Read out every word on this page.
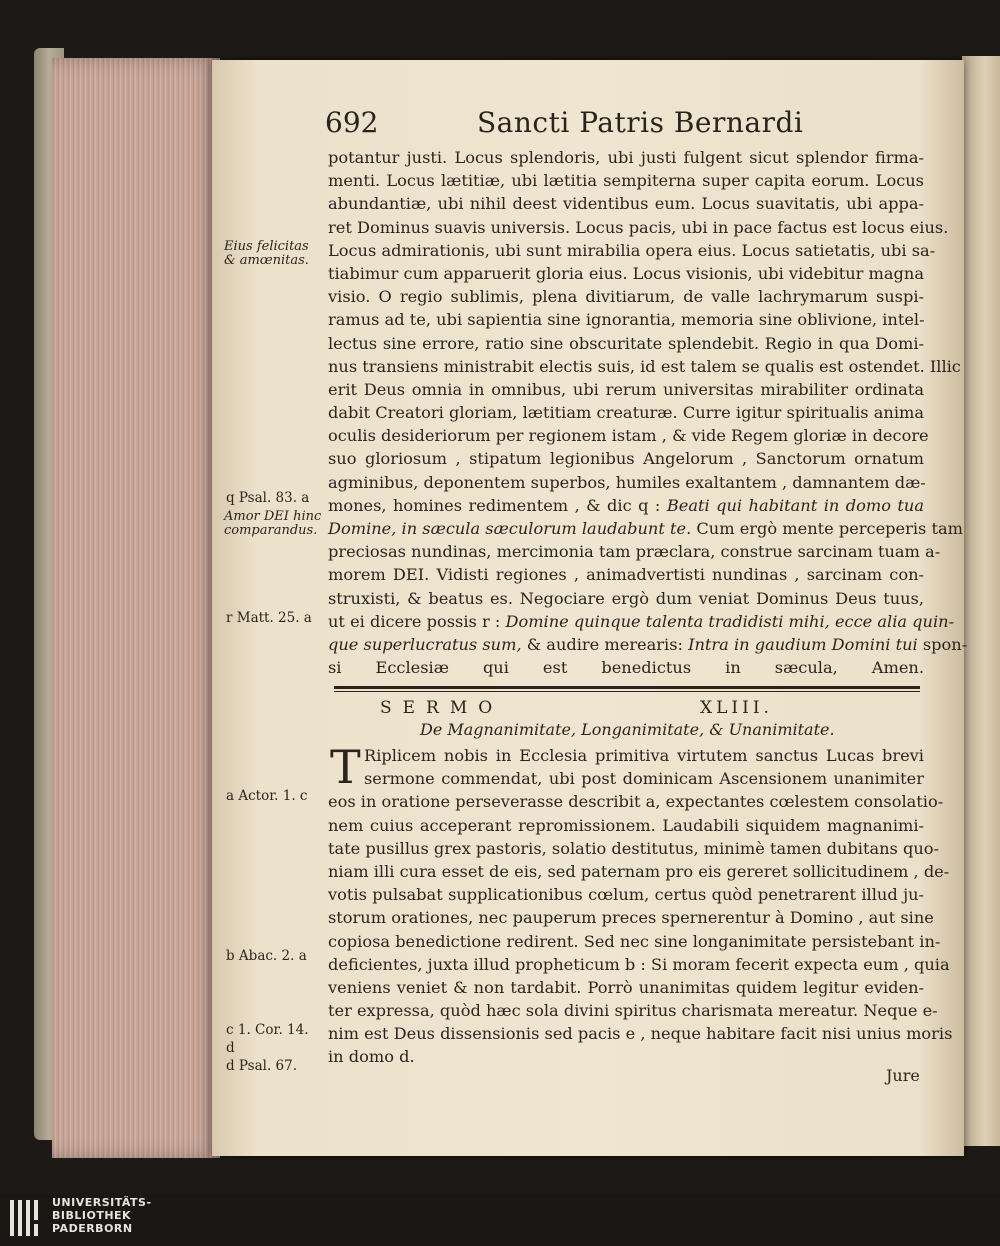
692	Sancti Patris Bernardi
potantur justi. Locus splendoris, ubi justi fulgent sicut splendor firma-
menti. Locus lætitiæ, ubi lætitia sempiterna super capita eorum. Locus
abundantiæ, ubi nihil deest videntibus eum. Locus suavitatis, ubi appa-
ret Dominus suavis universis. Locus pacis, ubi in pace factus est locus eius.
Locus admirationis, ubi sunt mirabilia opera eius. Locus satietatis, ubi sa-
tiabimur cum apparuerit gloria eius. Locus visionis, ubi videbitur magna
visio. O regio sublimis, plena divitiarum, de valle lachrymarum suspi-
ramus ad te, ubi sapientia sine ignorantia, memoria sine oblivione, intel-
lectus sine errore, ratio sine obscuritate splendebit. Regio in qua Domi-
nus transiens ministrabit electis suis, id est talem se qualis est ostendet. Illic
erit Deus omnia in omnibus, ubi rerum universitas mirabiliter ordinata
dabit Creatori gloriam, lætitiam creaturæ. Curre igitur spiritualis anima
oculis desideriorum per regionem istam , & vide Regem gloriæ in decore
suo gloriosum , stipatum legionibus Angelorum , Sanctorum ornatum
agminibus, deponentem superbos, humiles exaltantem , damnantem dæ-
mones, homines redimentem , & dic q : Beati qui habitant in domo tua
Domine, in sæcula sæculorum laudabunt te. Cum ergò mente perceperis tam
preciosas nundinas, mercimonia tam præclara, construe sarcinam tuam a-
morem DEI. Vidisti regiones , animadvertisti nundinas , sarcinam con-
struxisti, & beatus es. Negociare ergò dum veniat Dominus Deus tuus,
ut ei dicere possis r : Domine quinque talenta tradidisti mihi, ecce alia quin-
que superlucratus sum, & audire merearis: Intra in gaudium Domini tui spon-
si Ecclesiæ qui est benedictus in sæcula, Amen.
Eius felicitas & amœnitas.
Amor DEI hinc comparandus.
q Psal. 83. a
r Matt. 25. a
a Actor. 1. c
b Abac. 2. a
c 1. Cor. 14.
d
d Psal. 67.
SERMO	XLIII.
De Magnanimitate, Longanimitate, & Unanimitate.
T Riplicem nobis in Ecclesia primitiva virtutem sanctus Lucas brevi
sermone commendat, ubi post dominicam Ascensionem unanimiter
eos in oratione perseverasse describit a, expectantes cœlestem consolatio-
nem cuius acceperant repromissionem. Laudabili siquidem magnanimi-
tate pusillus grex pastoris, solatio destitutus, minimè tamen dubitans quo-
niam illi cura esset de eis, sed paternam pro eis gereret sollicitudinem , de-
votis pulsabat supplicationibus cœlum, certus quòd penetrarent illud ju-
storum orationes, nec pauperum preces spernerentur à Domino , aut sine
copiosa benedictione redirent. Sed nec sine longanimitate persistebant in-
deficientes, juxta illud propheticum b : Si moram fecerit expecta eum , quia
veniens veniet & non tardabit. Porrò unanimitas quidem legitur eviden-
ter expressa, quòd hæc sola divini spiritus charismata mereatur. Neque e-
nim est Deus dissensionis sed pacis e , neque habitare facit nisi unius moris
in domo d.
Jure
UNIVERSITÄTS-
BIBLIOTHEK
PADERBORN
